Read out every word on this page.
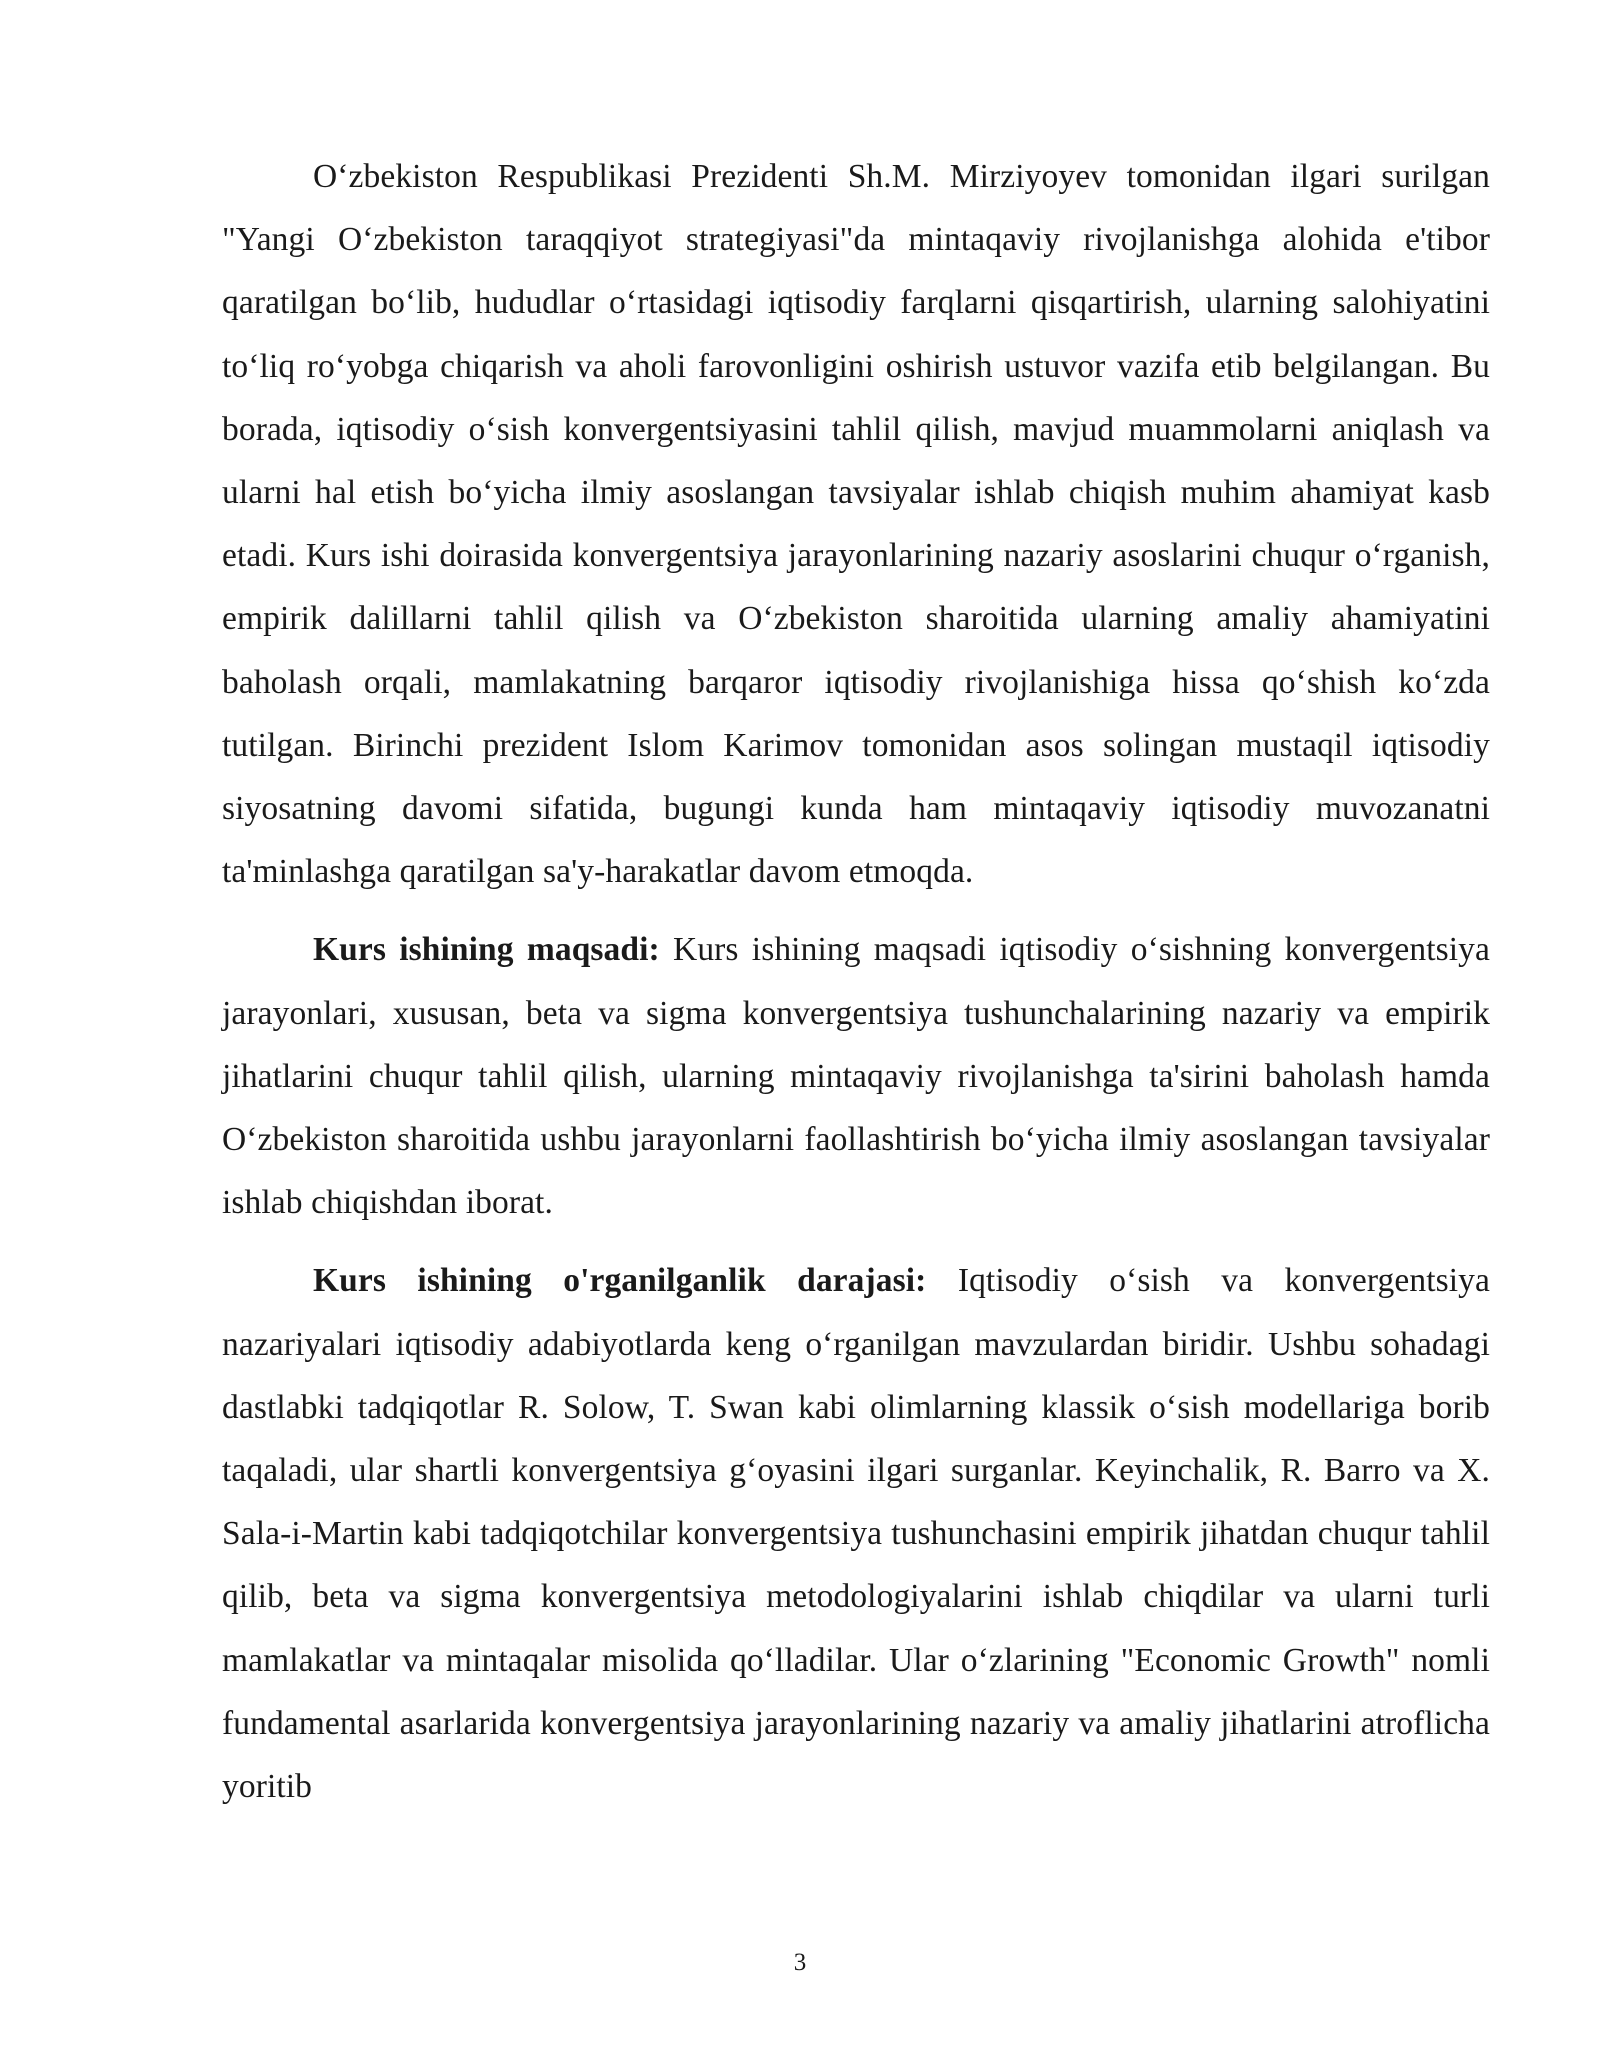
Oʻzbekiston Respublikasi Prezidenti Sh.M. Mirziyoyev tomonidan ilgari surilgan "Yangi Oʻzbekiston taraqqiyot strategiyasi"da mintaqaviy rivojlanishga alohida e'tibor qaratilgan boʻlib, hududlar oʻrtasidagi iqtisodiy farqlarni qisqartirish, ularning salohiyatini toʻliq roʻyobga chiqarish va aholi farovonligini oshirish ustuvor vazifa etib belgilangan. Bu borada, iqtisodiy oʻsish konvergentsiyasini tahlil qilish, mavjud muammolarni aniqlash va ularni hal etish boʻyicha ilmiy asoslangan tavsiyalar ishlab chiqish muhim ahamiyat kasb etadi. Kurs ishi doirasida konvergentsiya jarayonlarining nazariy asoslarini chuqur oʻrganish, empirik dalillarni tahlil qilish va Oʻzbekiston sharoitida ularning amaliy ahamiyatini baholash orqali, mamlakatning barqaror iqtisodiy rivojlanishiga hissa qoʻshish koʻzda tutilgan. Birinchi prezident Islom Karimov tomonidan asos solingan mustaqil iqtisodiy siyosatning davomi sifatida, bugungi kunda ham mintaqaviy iqtisodiy muvozanatni ta'minlashga qaratilgan sa'y-harakatlar davom etmoqda.

Kurs ishining maqsadi: Kurs ishining maqsadi iqtisodiy oʻsishning konvergentsiya jarayonlari, xususan, beta va sigma konvergentsiya tushunchalarining nazariy va empirik jihatlarini chuqur tahlil qilish, ularning mintaqaviy rivojlanishga ta'sirini baholash hamda Oʻzbekiston sharoitida ushbu jarayonlarni faollashtirish boʻyicha ilmiy asoslangan tavsiyalar ishlab chiqishdan iborat.

Kurs ishining o'rganilganlik darajasi: Iqtisodiy oʻsish va konvergentsiya nazariyalari iqtisodiy adabiyotlarda keng oʻrganilgan mavzulardan biridir. Ushbu sohadagi dastlabki tadqiqotlar R. Solow, T. Swan kabi olimlarning klassik oʻsish modellariga borib taqaladi, ular shartli konvergentsiya gʻoyasini ilgari surganlar. Keyinchalik, R. Barro va X. Sala-i-Martin kabi tadqiqotchilar konvergentsiya tushunchasini empirik jihatdan chuqur tahlil qilib, beta va sigma konvergentsiya metodologiyalarini ishlab chiqdilar va ularni turli mamlakatlar va mintaqalar misolida qoʻlladilar. Ular oʻzlarining "Economic Growth" nomli fundamental asarlarida konvergentsiya jarayonlarining nazariy va amaliy jihatlarini atroflicha yoritib

3
